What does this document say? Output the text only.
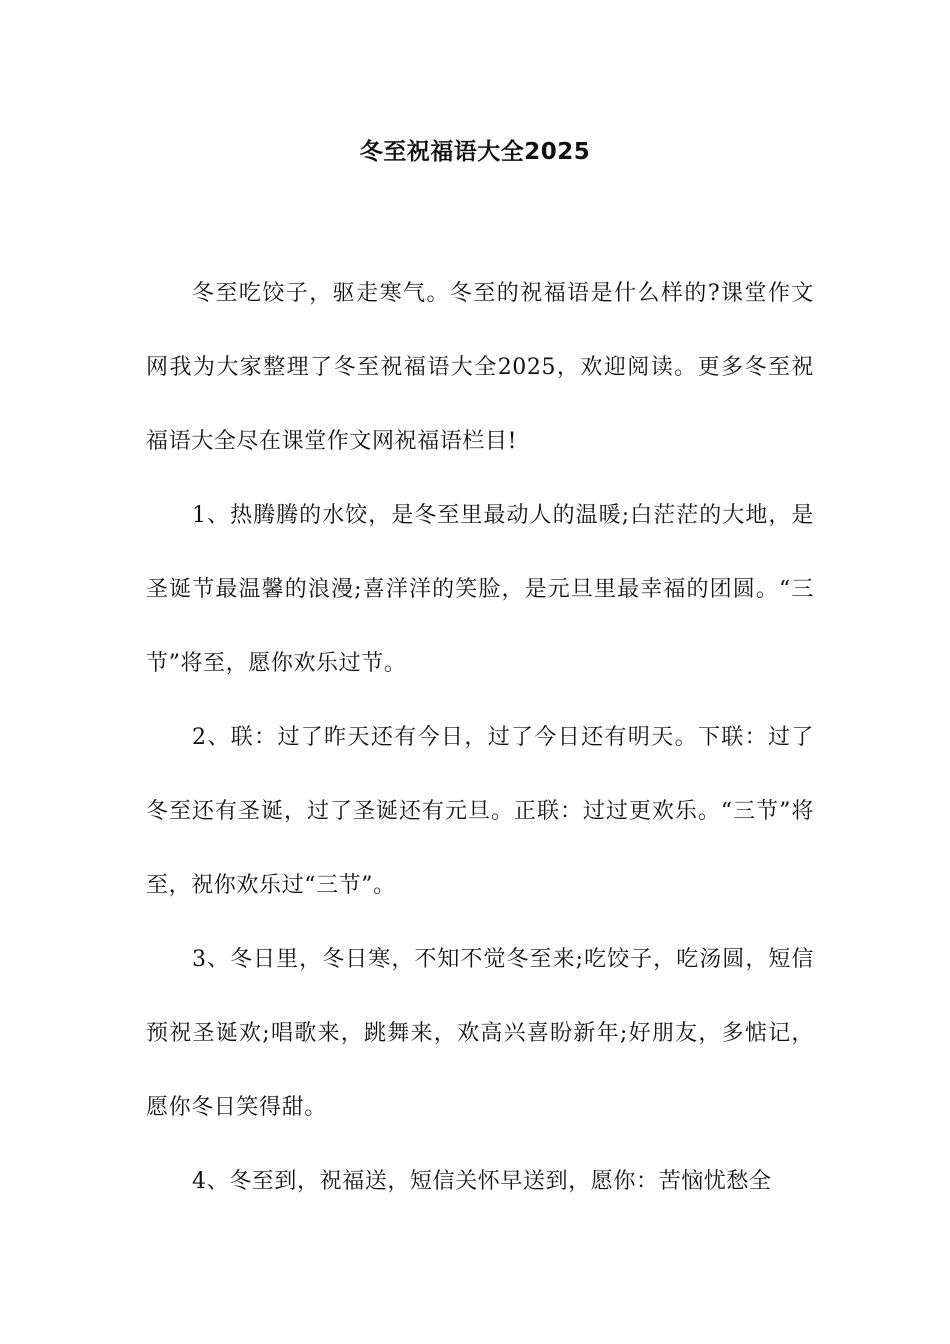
冬至祝福语大全2025

冬至吃饺子，驱走寒气。冬至的祝福语是什么样的?课堂作文网我为大家整理了冬至祝福语大全2025，欢迎阅读。更多冬至祝福语大全尽在课堂作文网祝福语栏目!

1、热腾腾的水饺，是冬至里最动人的温暖;白茫茫的大地，是圣诞节最温馨的浪漫;喜洋洋的笑脸，是元旦里最幸福的团圆。“三节”将至，愿你欢乐过节。

2、联：过了昨天还有今日，过了今日还有明天。下联：过了冬至还有圣诞，过了圣诞还有元旦。正联：过过更欢乐。“三节”将至，祝你欢乐过“三节”。

3、冬日里，冬日寒，不知不觉冬至来;吃饺子，吃汤圆，短信预祝圣诞欢;唱歌来，跳舞来，欢高兴喜盼新年;好朋友，多惦记，愿你冬日笑得甜。

4、冬至到，祝福送，短信关怀早送到，愿你：苦恼忧愁全
